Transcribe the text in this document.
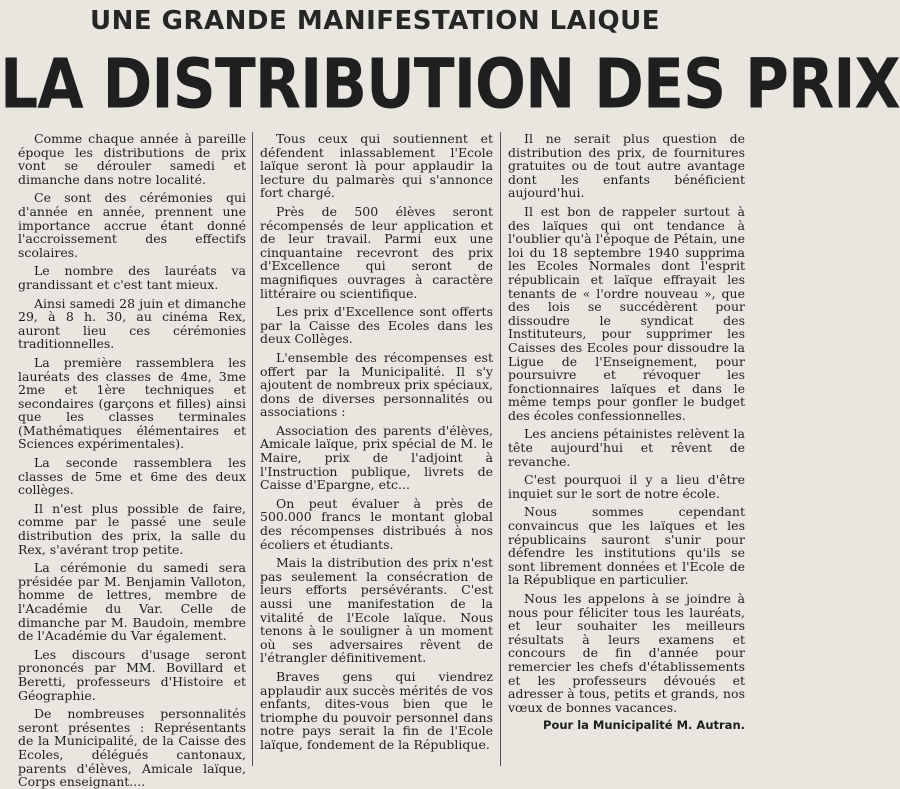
UNE GRANDE MANIFESTATION LAIQUE
LA DISTRIBUTION DES PRIX

Comme chaque année à pareille époque les distributions de prix vont se dérouler samedi et dimanche dans notre localité.

Ce sont des cérémonies qui d'année en année, prennent une importance accrue étant donné l'accroissement des effectifs scolaires.

Le nombre des lauréats va grandissant et c'est tant mieux.

Ainsi samedi 28 juin et dimanche 29, à 8 h. 30, au cinéma Rex, auront lieu ces cérémonies traditionnelles.

La première rassemblera les lauréats des classes de 4me, 3me 2me et 1ère techniques et secondaires (garçons et filles) ainsi que les classes terminales (Mathématiques élémentaires et Sciences expérimentales).

La seconde rassemblera les classes de 5me et 6me des deux collèges.

Il n'est plus possible de faire, comme par le passé une seule distribution des prix, la salle du Rex, s'avérant trop petite.

La cérémonie du samedi sera présidée par M. Benjamin Valloton, homme de lettres, membre de l'Académie du Var. Celle de dimanche par M. Baudoin, membre de l'Académie du Var également.

Les discours d'usage seront prononcés par MM. Bovillard et Beretti, professeurs d'Histoire et Géographie.

De nombreuses personnalités seront présentes : Représentants de la Municipalité, de la Caisse des Ecoles, délégués cantonaux, parents d'élèves, Amicale laïque, Corps enseignant....

Tous ceux qui soutiennent et défendent inlassablement l'Ecole laïque seront là pour applaudir la lecture du palmarès qui s'annonce fort chargé.

Près de 500 élèves seront récompensés de leur application et de leur travail. Parmi eux une cinquantaine recevront des prix d'Excellence qui seront de magnifiques ouvrages à caractère littéraire ou scientifique.

Les prix d'Excellence sont offerts par la Caisse des Ecoles dans les deux Collèges.

L'ensemble des récompenses est offert par la Municipalité. Il s'y ajoutent de nombreux prix spéciaux, dons de diverses personnalités ou associations :

Association des parents d'élèves, Amicale laïque, prix spécial de M. le Maire, prix de l'adjoint à l'Instruction publique, livrets de Caisse d'Epargne, etc...

On peut évaluer à près de 500.000 francs le montant global des récompenses distribués à nos écoliers et étudiants.

Mais la distribution des prix n'est pas seulement la consécration de leurs efforts persévérants. C'est aussi une manifestation de la vitalité de l'Ecole laïque. Nous tenons à le souligner à un moment où ses adversaires rêvent de l'étrangler définitivement.

Braves gens qui viendrez applaudir aux succès mérités de vos enfants, dites-vous bien que le triomphe du pouvoir personnel dans notre pays serait la fin de l'Ecole laïque, fondement de la République.

Il ne serait plus question de distribution des prix, de fournitures gratuites ou de tout autre avantage dont les enfants bénéficient aujourd'hui.

Il est bon de rappeler surtout à des laïques qui ont tendance à l'oublier qu'à l'époque de Pétain, une loi du 18 septembre 1940 supprima les Ecoles Normales dont l'esprit républicain et laïque effrayait les tenants de « l'ordre nouveau », que des lois se succédèrent pour dissoudre le syndicat des Instituteurs, pour supprimer les Caisses des Ecoles pour dissoudre la Ligue de l'Enseignement, pour poursuivre et révoquer les fonctionnaires laïques et dans le même temps pour gonfler le budget des écoles confessionnelles.

Les anciens pétainistes relèvent la tête aujourd'hui et rêvent de revanche.

C'est pourquoi il y a lieu d'être inquiet sur le sort de notre école.

Nous sommes cependant convaincus que les laïques et les républicains sauront s'unir pour défendre les institutions qu'ils se sont librement données et l'Ecole de la République en particulier.

Nous les appelons à se joindre à nous pour féliciter tous les lauréats, et leur souhaiter les meilleurs résultats à leurs examens et concours de fin d'année pour remercier les chefs d'établissements et les professeurs dévoués et adresser à tous, petits et grands, nos vœux de bonnes vacances.

Pour la Municipalité M. Autran.
